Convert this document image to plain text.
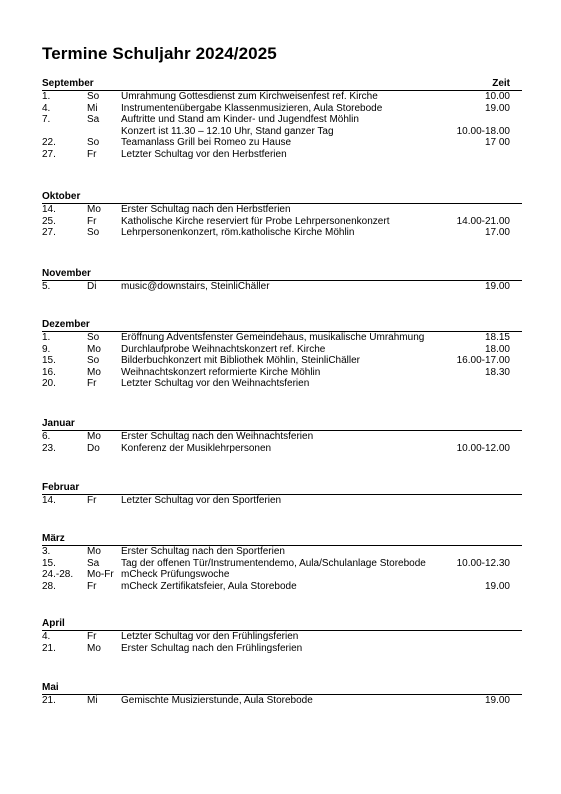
Termine Schuljahr 2024/2025
September	Zeit
1.	So	Umrahmung Gottesdienst zum Kirchweisenfest ref. Kirche	10.00
4.	Mi	Instrumentenübergabe Klassenmusizieren, Aula Storebode	19.00
7.	Sa	Auftritte und Stand am Kinder- und Jugendfest Möhlin
Konzert ist 11.30 – 12.10 Uhr, Stand ganzer Tag	10.00-18.00
22.	So	Teamanlass Grill bei Romeo zu Hause	17 00
27.	Fr	Letzter Schultag vor den Herbstferien
Oktober
14.	Mo	Erster Schultag nach den Herbstferien
25.	Fr	Katholische Kirche reserviert für Probe Lehrpersonenkonzert	14.00-21.00
27.	So	Lehrpersonenkonzert, röm.katholische Kirche Möhlin	17.00
November
5.	Di	music@downstairs, SteinliChäller	19.00
Dezember
1.	So	Eröffnung Adventsfenster Gemeindehaus, musikalische Umrahmung	18.15
9.	Mo	Durchlaufprobe Weihnachtskonzert ref. Kirche	18.00
15.	So	Bilderbuchkonzert mit Bibliothek Möhlin, SteinliChäller	16.00-17.00
16.	Mo	Weihnachtskonzert reformierte Kirche Möhlin	18.30
20.	Fr	Letzter Schultag vor den Weihnachtsferien
Januar
6.	Mo	Erster Schultag nach den Weihnachtsferien
23.	Do	Konferenz der Musiklehrpersonen	10.00-12.00
Februar
14.	Fr	Letzter Schultag vor den Sportferien
März
3.	Mo	Erster Schultag nach den Sportferien
15.	Sa	Tag der offenen Tür/Instrumentendemo, Aula/Schulanlage Storebode	10.00-12.30
24.-28.	Mo-Fr mCheck Prüfungswoche
28.	Fr	mCheck Zertifikatsfeier, Aula Storebode	19.00
April
4.	Fr	Letzter Schultag vor den Frühlingsferien
21.	Mo	Erster Schultag nach den Frühlingsferien
Mai
21.	Mi	Gemischte Musizierstunde, Aula Storebode	19.00
